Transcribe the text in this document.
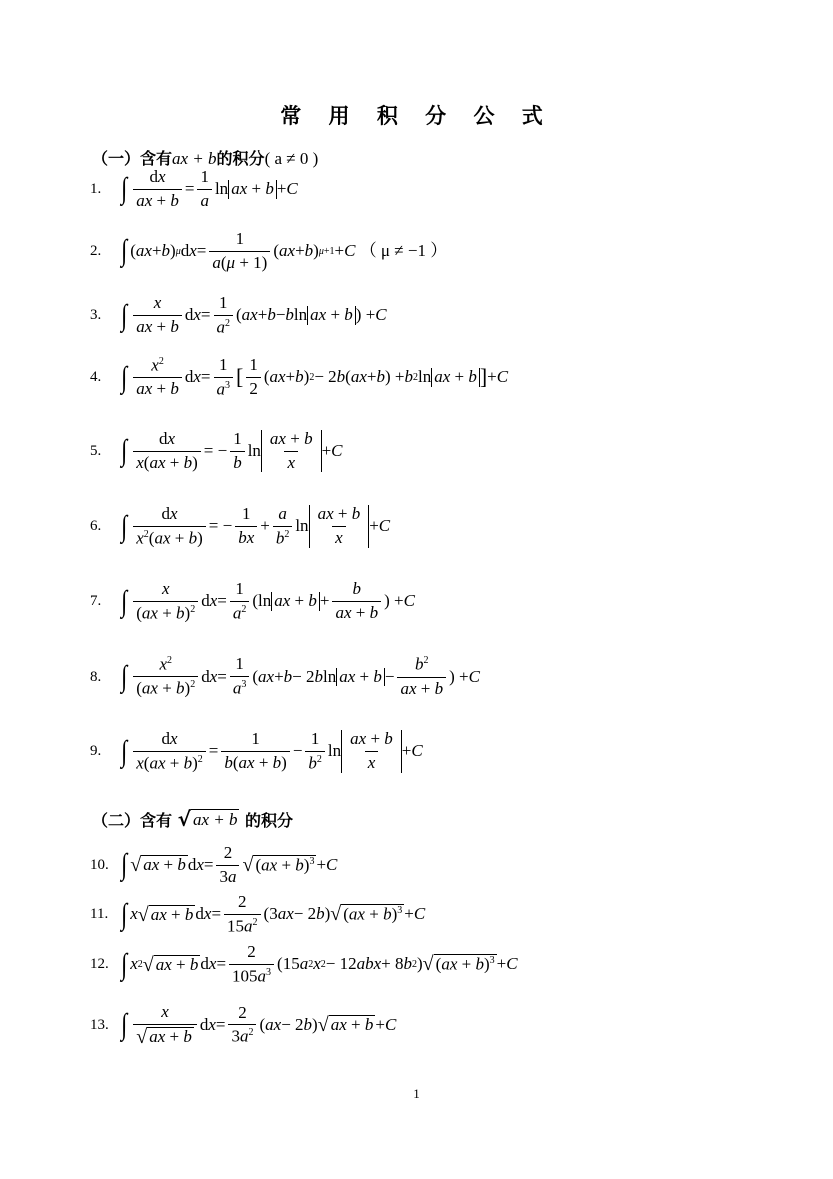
常 用 积 分 公 式
（一）含有ax + b的积分( a ≠ 0 )
1. ∫ $\frac{dx}{ax + b} = \frac{1}{a}$ ln ax + b + C
2. ∫ ( ax + b ) μ d $x = \frac{1}{a(\mu + 1)}$ ( ax + b ) μ+1 + C
（ μ ≠ −1 ）
3. ∫ $\frac{x}{ax + b}$ d $x = \frac{1}{a^2}$ ( ax + b − b ln ax + b ) + C
4. ∫ $\frac{x^2}{ax + b}$ d $x = \frac{1}{a^3}$ [ $\frac{1}{2}$ ( ax + b ) 2 − 2 b ( ax + b ) + b 2 ln ax + b ] + C
5. ∫ $\frac{dx}{x(ax + b)}$ = − $\frac{1}{b}$ $\ln \frac{ax + b}{x} + C$
6. ∫ $\frac{dx}{x^2(ax + b)}$ = − $\frac{1}{bx} + \frac{a}{b^2}$ $\ln \frac{ax + b}{x} + C$
7. ∫ $\frac{x}{(ax + b)^2}$ d $x = \frac{1}{a^2} (\ln$ ax + $b + \frac{b}{ax + b}$ ) + C
8. ∫ $\frac{x^2}{(ax + b)^2}$ d $x = \frac{1}{a^3}$ ( ax + b − 2 b ln ax + $b - \frac{b^2}{ax + b}$ ) + C
9. ∫ $\frac{dx}{x(ax + b)^2} = \frac{1}{b(ax + b)} - \frac{1}{b^2}$ $\ln \frac{ax + b}{x} + C$
（二）含有 √ ax + b 的积分
10. ∫ √ ax + b d $x = \frac{2}{3a}$ √ (ax + b)$^3$ + C
11. ∫ x √ ax + b d $x = \frac{2}{15a^2} (3$ ax − 2 b ) √ (ax + b)$^3$ + C
12. ∫ x 2 √ ax + b d $x = \frac{2}{105a^3} (15$ a 2 x 2 − 12 abx + 8 b 2 ) √ (ax + b)$^3$ + C
13. ∫ $\frac{x}{√ ax + b}$ d $x = \frac{2}{3a^2}$ ( ax − 2 b ) √ ax + b + C
1
